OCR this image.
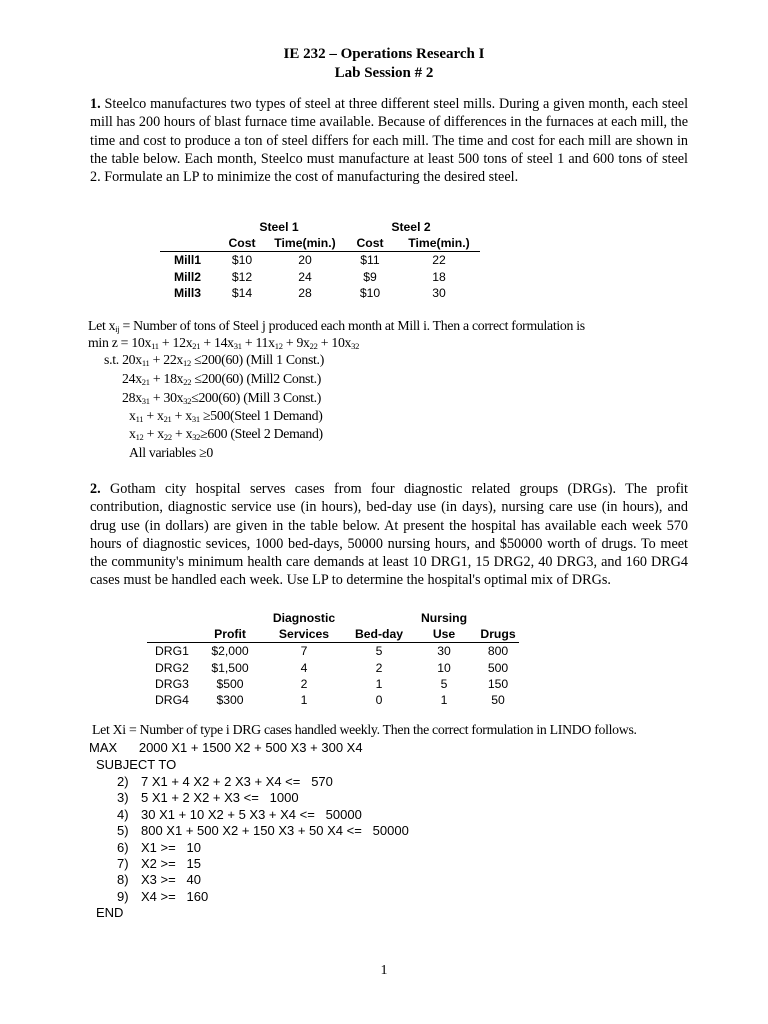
IE 232 – Operations Research I
Lab Session # 2
1. Steelco manufactures two types of steel at three different steel mills. During a given month, each steel mill has 200 hours of blast furnace time available. Because of differences in the furnaces at each mill, the time and cost to produce a ton of steel differs for each mill. The time and cost for each mill are shown in the table below. Each month, Steelco must manufacture at least 500 tons of steel 1 and 600 tons of steel 2. Formulate an LP to minimize the cost of manufacturing the desired steel.
	Steel 1		Steel 2	
	Cost	Time(min.)	Cost	Time(min.)
Mill1	$10	20	$11	22
Mill2	$12	24	$9	18
Mill3	$14	28	$10	30
Let $x_{ij}$ = Number of tons of Steel j produced each month at Mill i. Then a correct formulation is
$\min z = 10x_{11} + 12x_{21} + 14x_{31} + 11x_{12} + 9x_{22} + 10x_{32}$
s.t. $20x_{11} + 22x_{12} \le 200(60)$ (Mill 1 Const.)
$24x_{21} + 18x_{22} \le 200(60)$ (Mill2 Const.)
$28x_{31} + 30x_{32}\le 200(60)$ (Mill 3 Const.)
$x_{11} + x_{21} + x_{31}$ ≥500(Steel 1 Demand)
$x_{12} + x_{22} + x_{32}\ge 600$ (Steel 2 Demand)
All variables ≥0
2. Gotham city hospital serves cases from four diagnostic related groups (DRGs). The profit contribution, diagnostic service use (in hours), bed-day use (in days), nursing care use (in hours), and drug use (in dollars) are given in the table below. At present the hospital has available each week 570 hours of diagnostic sevices, 1000 bed-days, 50000 nursing hours, and $50000 worth of drugs. To meet the community's minimum health care demands at least 10 DRG1, 15 DRG2, 40 DRG3, and 160 DRG4 cases must be handled each week. Use LP to determine the hospital's optimal mix of DRGs.
		Diagnostic		Nursing	
	Profit	Services	Bed-day	Use	Drugs
DRG1	$2,000	7	5	30	800
DRG2	$1,500	4	2	10	500
DRG3	$500	2	1	5	150
DRG4	$300	1	0	1	50
Let Xi = Number of type i DRG cases handled weekly. Then the correct formulation in LINDO follows.
MAX      2000 X1 + 1500 X2 + 500 X3 + 300 X4
SUBJECT TO
2) 7 X1 + 4 X2 + 2 X3 + X4 <=   570
3) 5 X1 + 2 X2 + X3 <=   1000
4) 30 X1 + 10 X2 + 5 X3 + X4 <=   50000
5) 800 X1 + 500 X2 + 150 X3 + 50 X4 <=   50000
6) X1 >=   10
7) X2 >=   15
8) X3 >=   40
9) X4 >=   160
END
1
